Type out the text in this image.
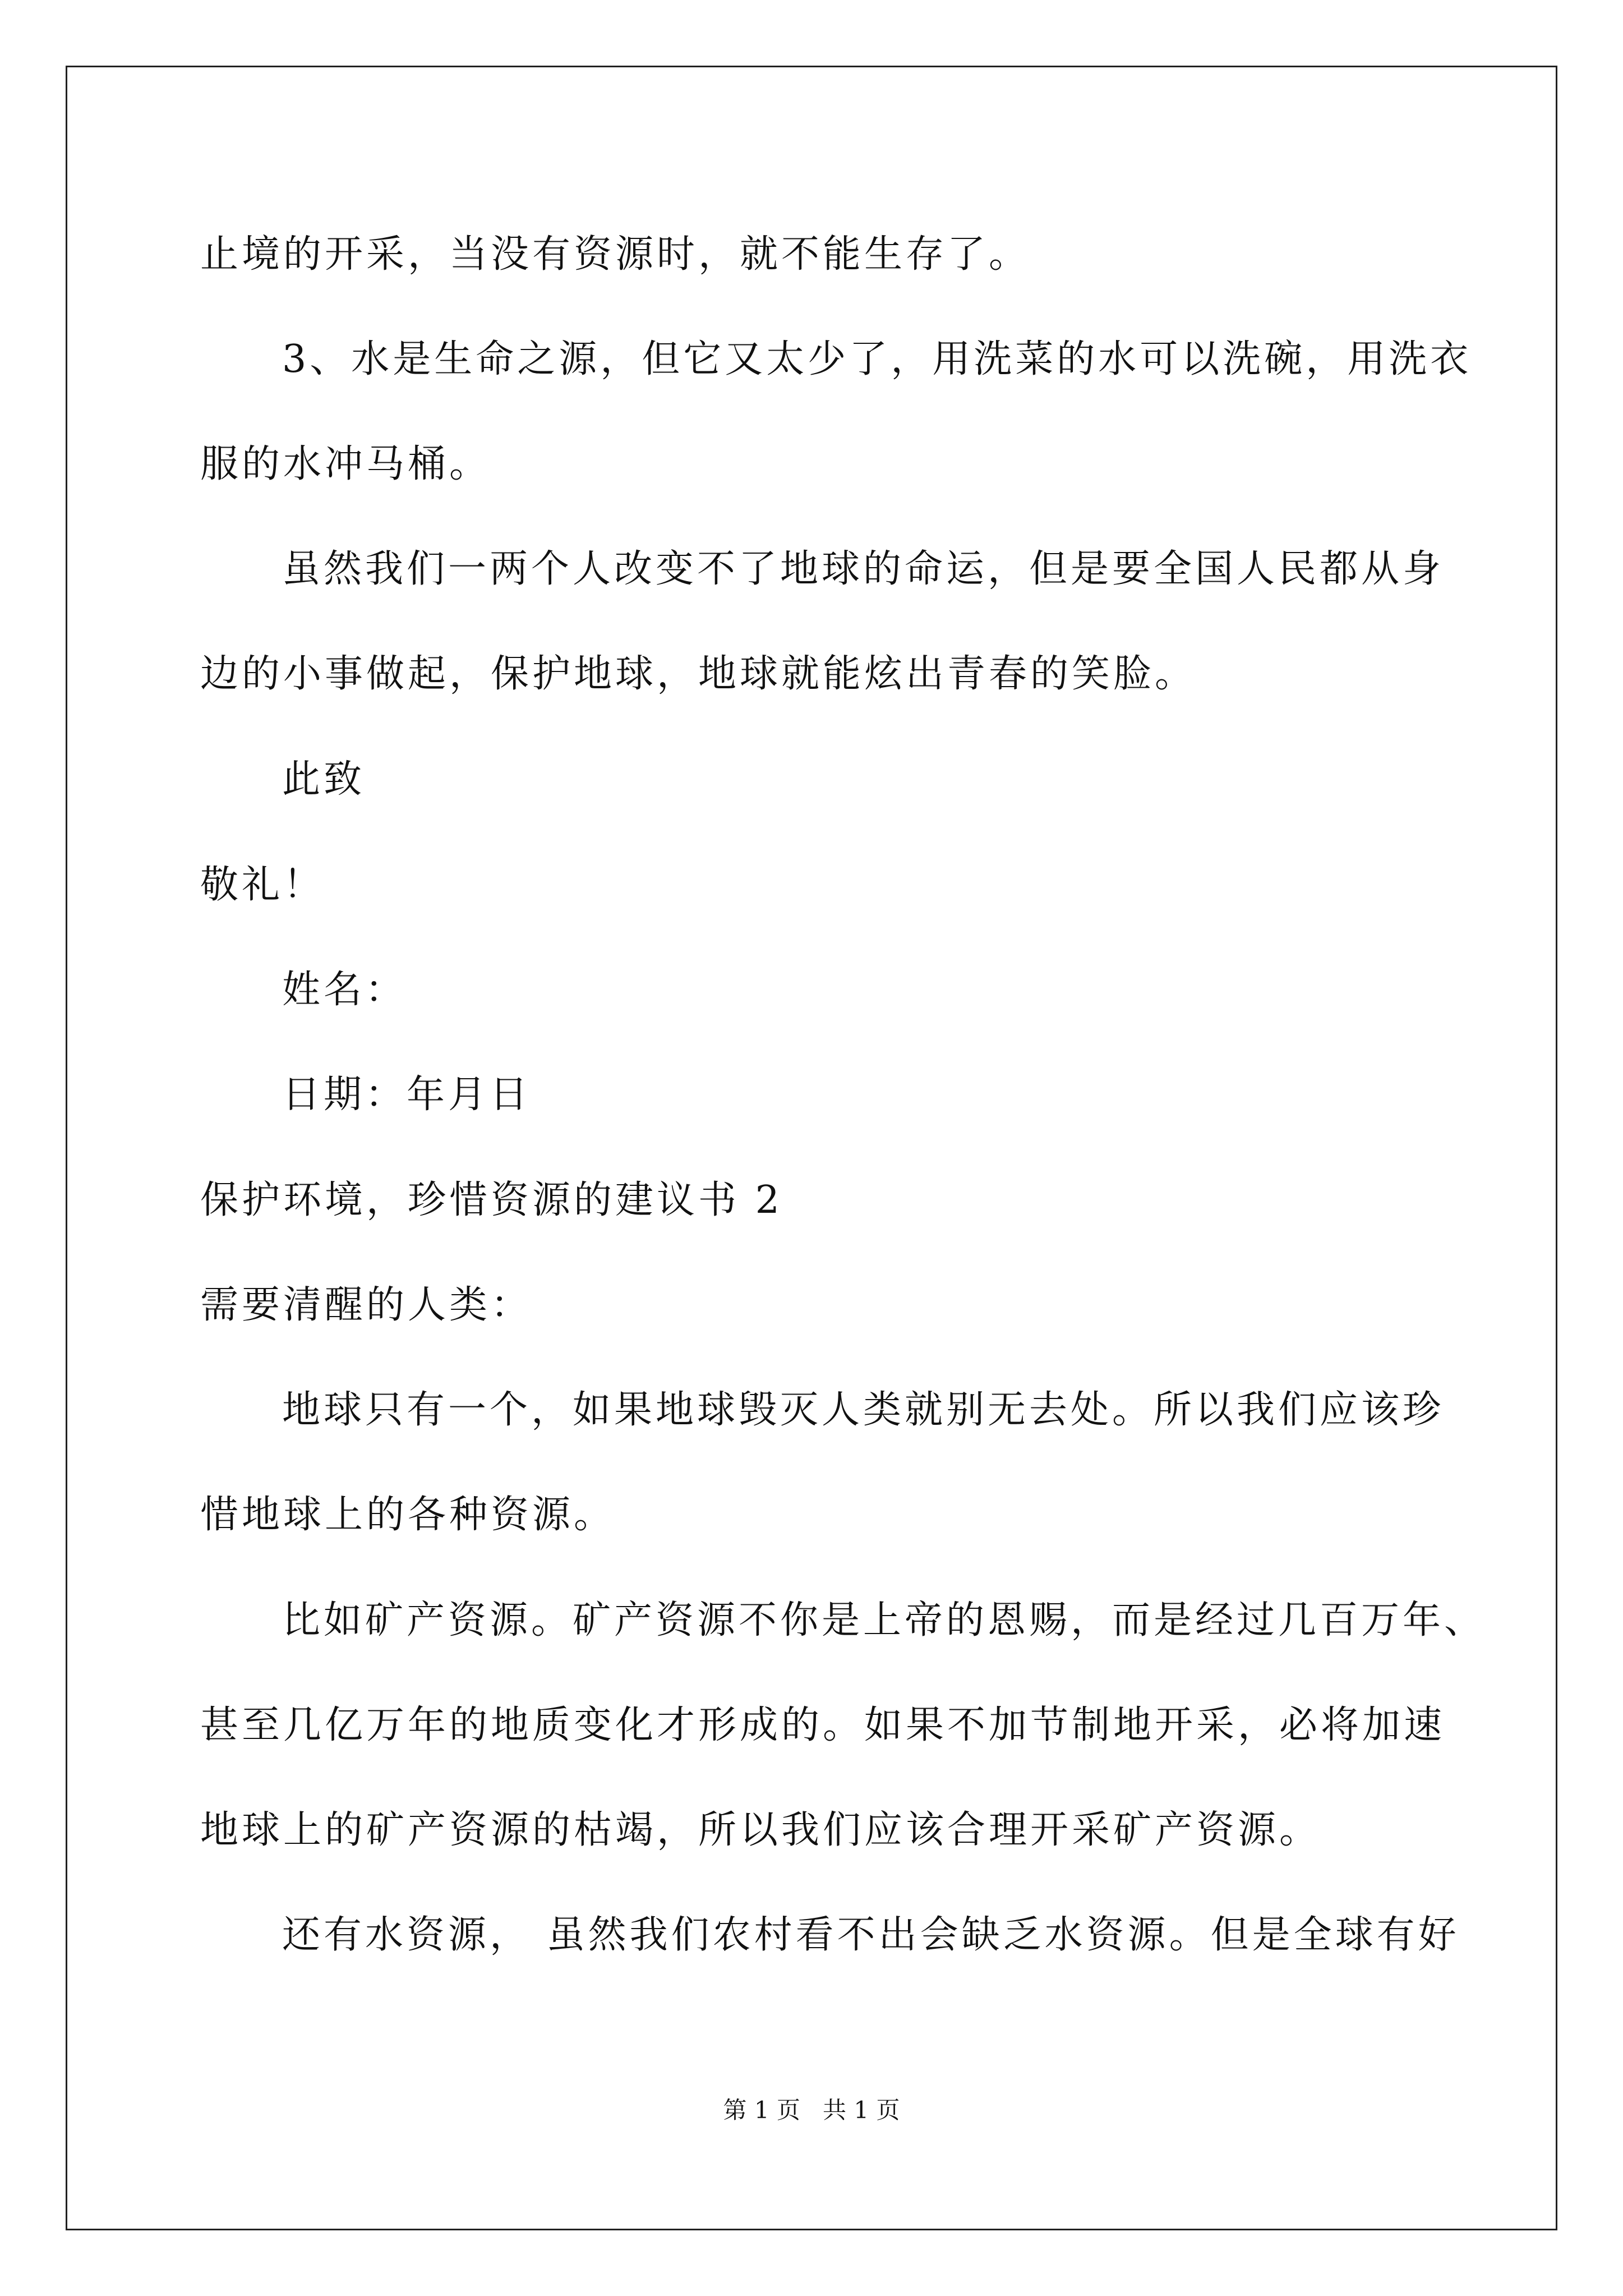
止境的开采，当没有资源时，就不能生存了。
3、水是生命之源，但它又太少了，用洗菜的水可以洗碗，用洗衣
服的水冲马桶。
虽然我们一两个人改变不了地球的命运，但是要全国人民都从身
边的小事做起，保护地球，地球就能炫出青春的笑脸。
此致
敬礼！
姓名：
日期：年月日
保护环境，珍惜资源的建议书 2
需要清醒的人类：
地球只有一个，如果地球毁灭人类就别无去处。所以我们应该珍
惜地球上的各种资源。
比如矿产资源。矿产资源不你是上帝的恩赐，而是经过几百万年、
甚至几亿万年的地质变化才形成的。如果不加节制地开采，必将加速
地球上的矿产资源的枯竭，所以我们应该合理开采矿产资源。
还有水资源， 虽然我们农村看不出会缺乏水资源。但是全球有好
第 1 页   共 1 页
